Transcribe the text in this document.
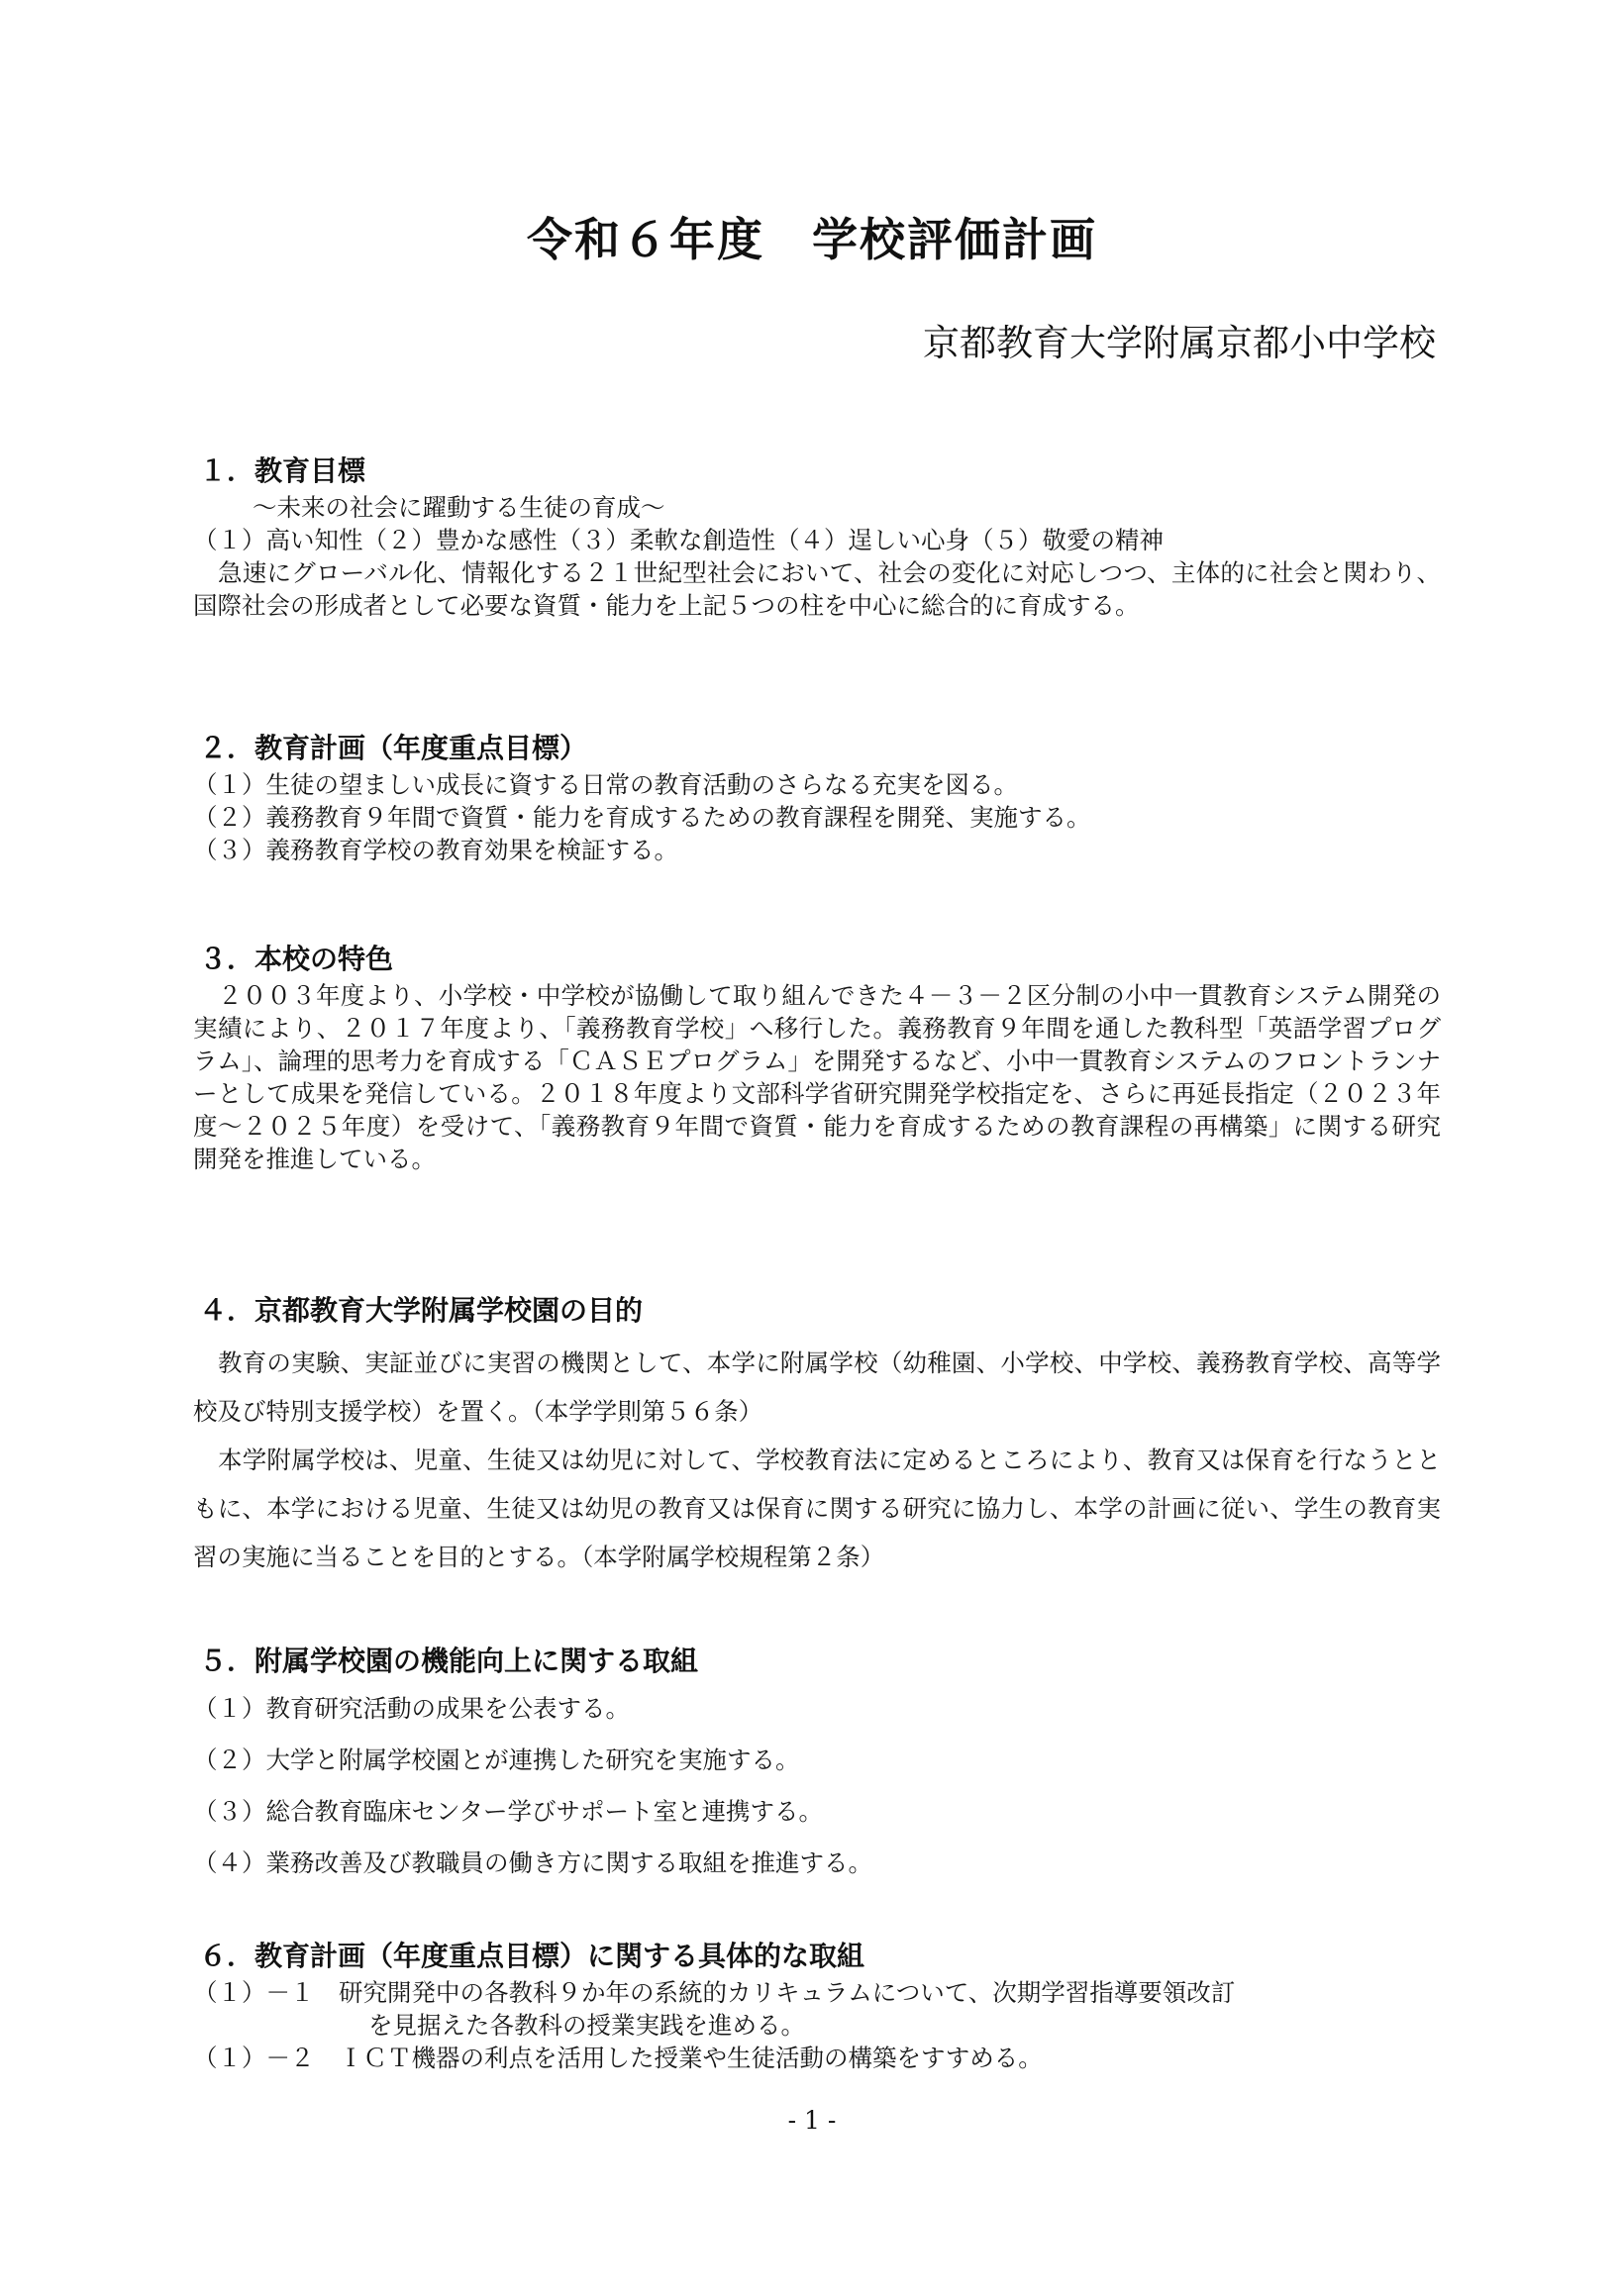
令和６年度　学校評価計画

京都教育大学附属京都小中学校

１．教育目標
〜未来の社会に躍動する生徒の育成〜
（１）高い知性（２）豊かな感性（３）柔軟な創造性（４）逞しい心身（５）敬愛の精神

急速にグローバル化、情報化する２１世紀型社会において、社会の変化に対応しつつ、主体的に社会と関わり、国際社会の形成者として必要な資質・能力を上記５つの柱を中心に総合的に育成する。

２．教育計画（年度重点目標）
（１）生徒の望ましい成長に資する日常の教育活動のさらなる充実を図る。
（２）義務教育９年間で資質・能力を育成するための教育課程を開発、実施する。
（３）義務教育学校の教育効果を検証する。
３．本校の特色

２００３年度より、小学校・中学校が協働して取り組んできた４－３－２区分制の小中一貫教育システム開発の実績により、２０１７年度より、「義務教育学校」へ移行した。義務教育９年間を通した教科型「英語学習プログラム」、論理的思考力を育成する「ＣＡＳＥプログラム」を開発するなど、小中一貫教育システムのフロントランナーとして成果を発信している。２０１８年度より文部科学省研究開発学校指定を、さらに再延長指定（２０２３年度〜２０２５年度）を受けて、「義務教育９年間で資質・能力を育成するための教育課程の再構築」に関する研究開発を推進している。

４．京都教育大学附属学校園の目的

教育の実験、実証並びに実習の機関として、本学に附属学校（幼稚園、小学校、中学校、義務教育学校、高等学校及び特別支援学校）を置く。（本学学則第５６条）

本学附属学校は、児童、生徒又は幼児に対して、学校教育法に定めるところにより、教育又は保育を行なうとともに、本学における児童、生徒又は幼児の教育又は保育に関する研究に協力し、本学の計画に従い、学生の教育実習の実施に当ることを目的とする。（本学附属学校規程第２条）

５．附属学校園の機能向上に関する取組
（１）教育研究活動の成果を公表する。
（２）大学と附属学校園とが連携した研究を実施する。
（３）総合教育臨床センター学びサポート室と連携する。
（４）業務改善及び教職員の働き方に関する取組を推進する。
６．教育計画（年度重点目標）に関する具体的な取組
（１）－１　研究開発中の各教科９か年の系統的カリキュラムについて、次期学習指導要領改訂
を見据えた各教科の授業実践を進める。
（１）－２　ＩＣＴ機器の利点を活用した授業や生徒活動の構築をすすめる。

- 1 -
